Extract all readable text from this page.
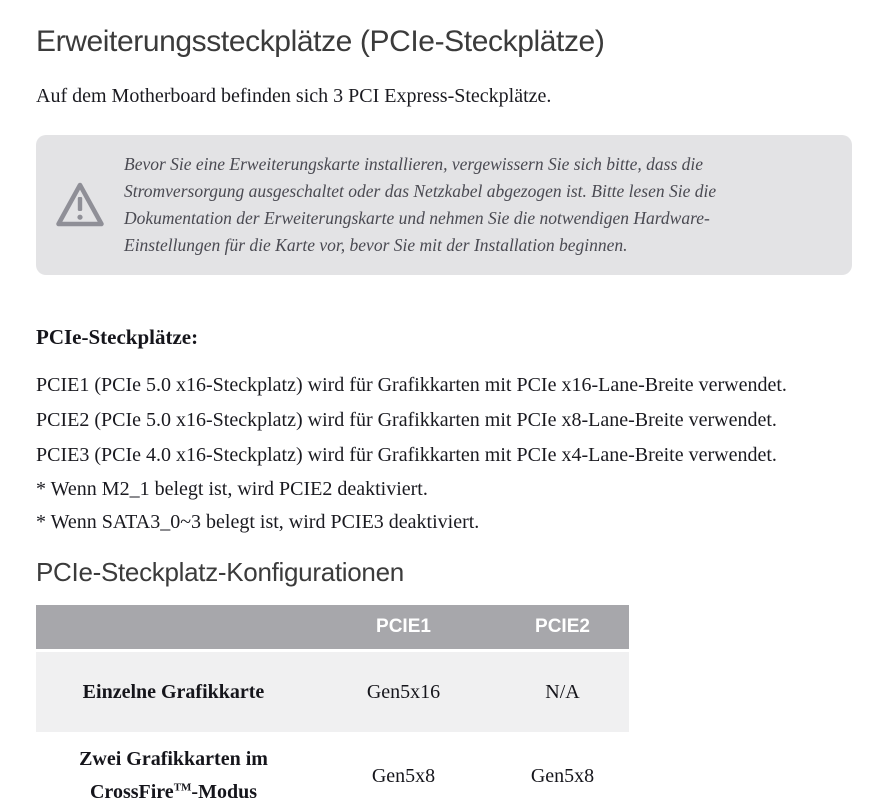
Erweiterungssteckplätze (PCIe-Steckplätze)

Auf dem Motherboard befinden sich 3 PCI Express-Steckplätze.

Bevor Sie eine Erweiterungskarte installieren, vergewissern Sie sich bitte, dass die Stromversorgung ausgeschaltet oder das Netzkabel abgezogen ist. Bitte lesen Sie die Dokumentation der Erweiterungskarte und nehmen Sie die notwendigen Hardware-Einstellungen für die Karte vor, bevor Sie mit der Installation beginnen.

PCIe-Steckplätze:

PCIE1 (PCIe 5.0 x16-Steckplatz) wird für Grafikkarten mit PCIe x16-Lane-Breite verwendet.

PCIE2 (PCIe 5.0 x16-Steckplatz) wird für Grafikkarten mit PCIe x8-Lane-Breite verwendet.

PCIE3 (PCIe 4.0 x16-Steckplatz) wird für Grafikkarten mit PCIe x4-Lane-Breite verwendet.

* Wenn M2_1 belegt ist, wird PCIE2 deaktiviert.

* Wenn SATA3_0~3 belegt ist, wird PCIE3 deaktiviert.

PCIe-Steckplatz-Konfigurationen
	PCIE1	PCIE2
Einzelne Grafikkarte	Gen5x16	N/A
Zwei Grafikkarten im
CrossFire™-Modus	Gen5x8	Gen5x8
